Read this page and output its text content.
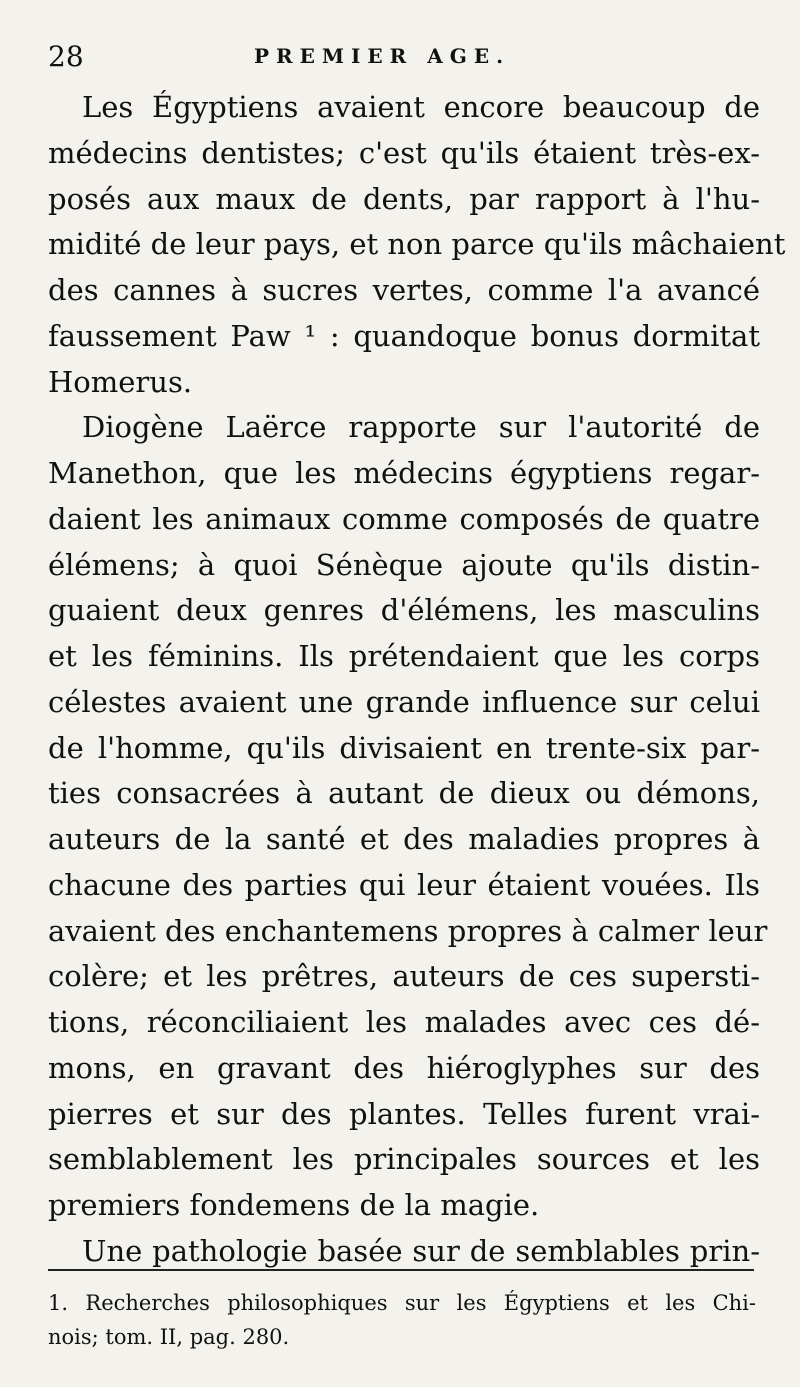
28	PREMIER AGE.
Les Égyptiens avaient encore beaucoup de
médecins dentistes; c'est qu'ils étaient très-ex-
posés aux maux de dents, par rapport à l'hu-
midité de leur pays, et non parce qu'ils mâchaient
des cannes à sucres vertes, comme l'a avancé
faussement Paw ¹ : quandoque bonus dormitat
Homerus.
Diogène Laërce rapporte sur l'autorité de
Manethon, que les médecins égyptiens regar-
daient les animaux comme composés de quatre
élémens; à quoi Sénèque ajoute qu'ils distin-
guaient deux genres d'élémens, les masculins
et les féminins. Ils prétendaient que les corps
célestes avaient une grande influence sur celui
de l'homme, qu'ils divisaient en trente-six par-
ties consacrées à autant de dieux ou démons,
auteurs de la santé et des maladies propres à
chacune des parties qui leur étaient vouées. Ils
avaient des enchantemens propres à calmer leur
colère; et les prêtres, auteurs de ces supersti-
tions, réconciliaient les malades avec ces dé-
mons, en gravant des hiéroglyphes sur des
pierres et sur des plantes. Telles furent vrai-
semblablement les principales sources et les
premiers fondemens de la magie.
Une pathologie basée sur de semblables prin-
1. Recherches philosophiques sur les Égyptiens et les Chi-
nois; tom. II, pag. 280.
